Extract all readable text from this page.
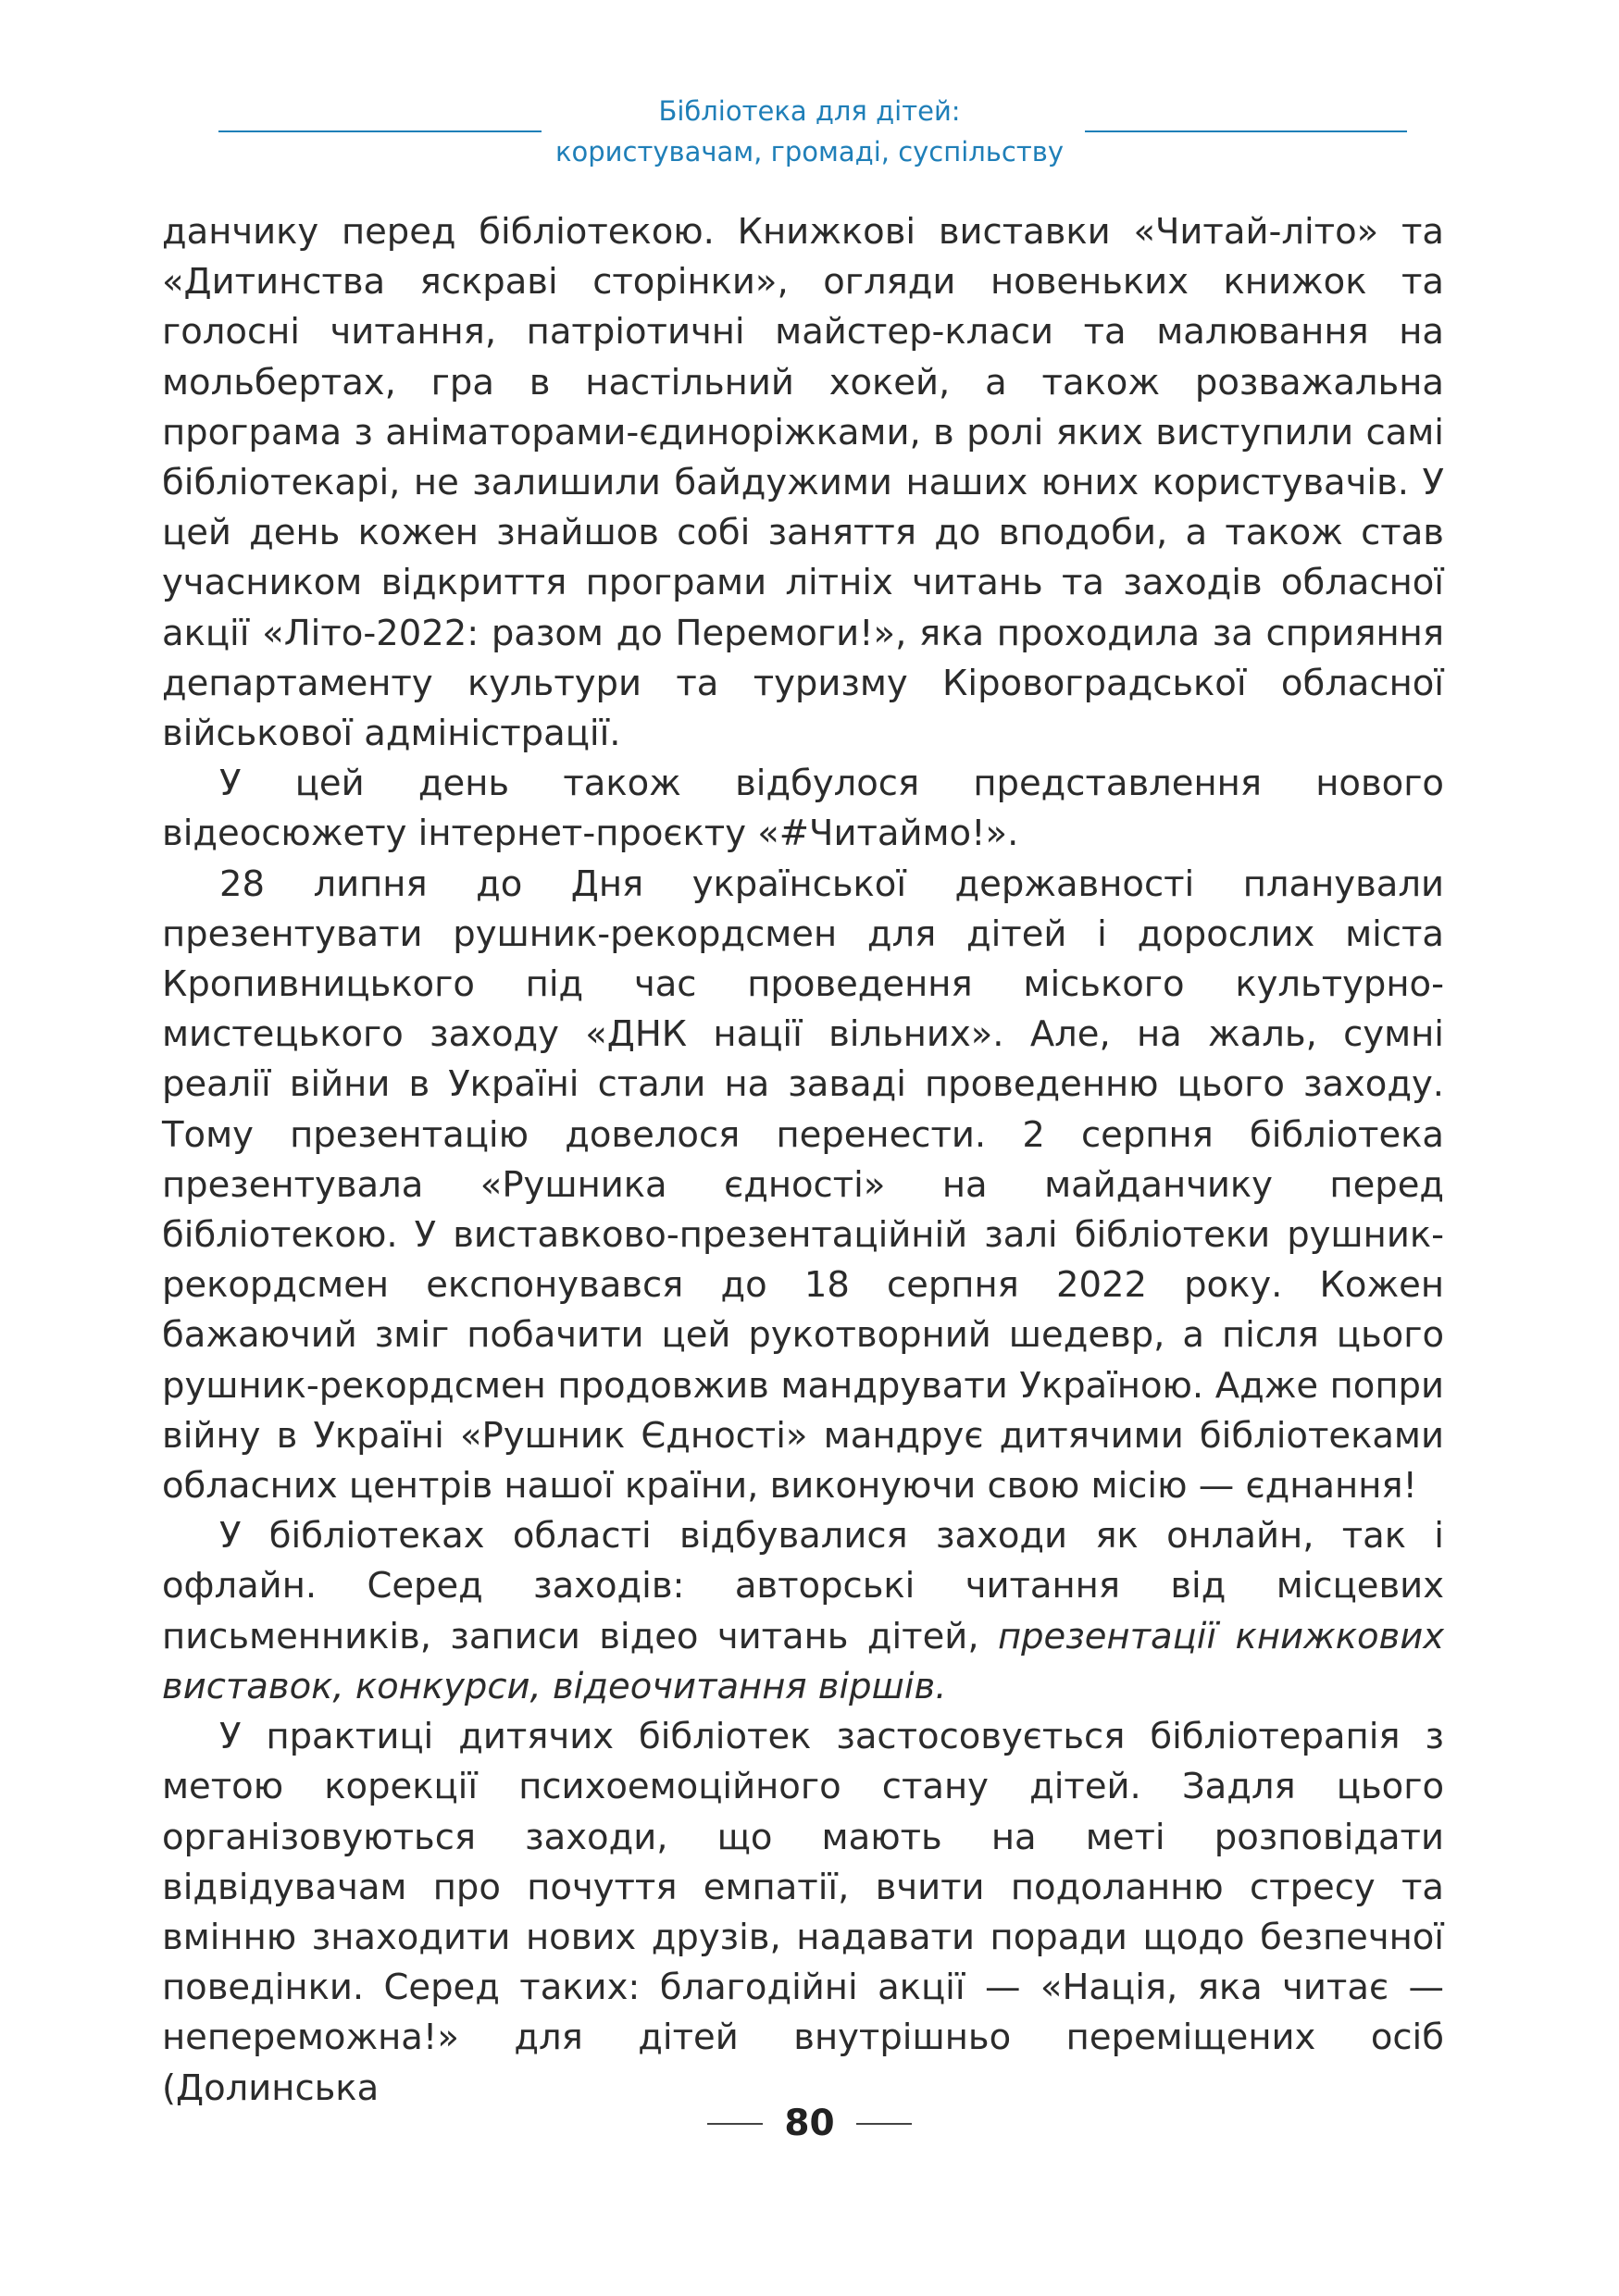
Бібліотека для дітей:
користувачам, громаді, суспільству

данчику перед бібліотекою. Книжкові виставки «Читай-літо» та «Дитинства яскраві сторінки», огляди новеньких книжок та голосні читання, патріотичні майстер-класи та малювання на мольбертах, гра в настільний хокей, а також розважальна програма з аніматорами-єдиноріжками, в ролі яких виступили самі бібліотекарі, не залишили байдужими наших юних користувачів. У цей день кожен знайшов собі заняття до вподоби, а також став учасником відкриття програми літніх читань та заходів обласної акції «Літо-2022: разом до Перемоги!», яка проходила за сприяння департаменту культури та туризму Кіровоградської обласної військової адміністрації.

У цей день також відбулося представлення нового відеосюжету інтернет-проєкту «#Читаймо!».

28 липня до Дня української державності планували презентувати рушник-рекордсмен для дітей і дорослих міста Кропивницького під час проведення міського культурно-мистецького заходу «ДНК нації вільних». Але, на жаль, сумні реалії війни в Україні стали на заваді проведенню цього заходу. Тому презентацію довелося перенести. 2 серпня бібліотека презентувала «Рушника єдності» на майданчику перед бібліотекою. У виставково-презентаційній залі бібліотеки рушник-рекордсмен експонувався до 18 серпня 2022 року. Кожен бажаючий зміг побачити цей рукотворний шедевр, а після цього рушник-рекордсмен продовжив мандрувати Україною. Адже попри війну в Україні «Рушник Єдності» мандрує дитячими бібліотеками обласних центрів нашої країни, виконуючи свою місію — єднання!

У бібліотеках області відбувалися заходи як онлайн, так і офлайн. Серед заходів: авторські читання від місцевих письменників, записи відео читань дітей, презентації книжкових виставок, конкурси, відеочитання віршів.

У практиці дитячих бібліотек застосовується бібліотерапія з метою корекції психоемоційного стану дітей. Задля цього організовуються заходи, що мають на меті розповідати відвідувачам про почуття емпатії, вчити подоланню стресу та вмінню знаходити нових друзів, надавати поради щодо безпечної поведінки. Серед таких: благодійні акції — «Нація, яка читає — непереможна!» для дітей внутрішньо переміщених осіб (Долинська

80
